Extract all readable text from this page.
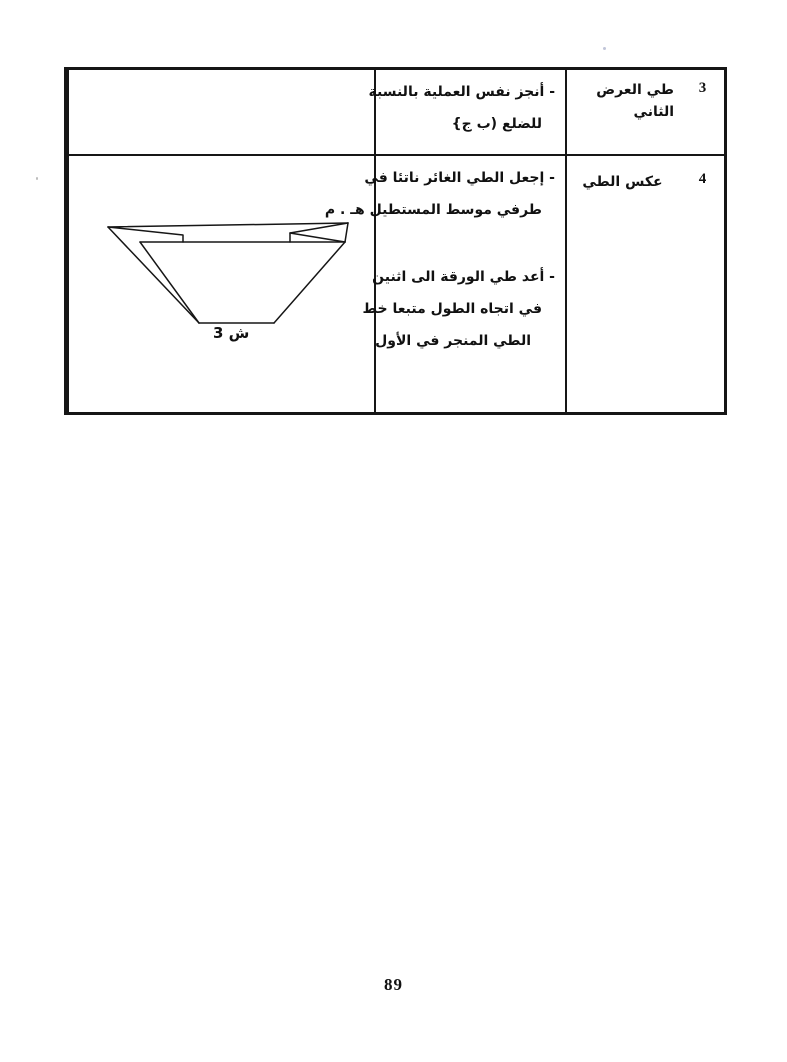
3
طي العرض الثاني
- أنجز نفس العملية بالنسبة
للضلع (ب ج}
4
عكس الطي
- إجعل الطي الغائر ناتئا في
طرفي موسط المستطيل هـ . م
- أعد طي الورقة الى اثنين
في اتجاه الطول متبعا خط
الطي المنجر في الأول
ش 3
89
